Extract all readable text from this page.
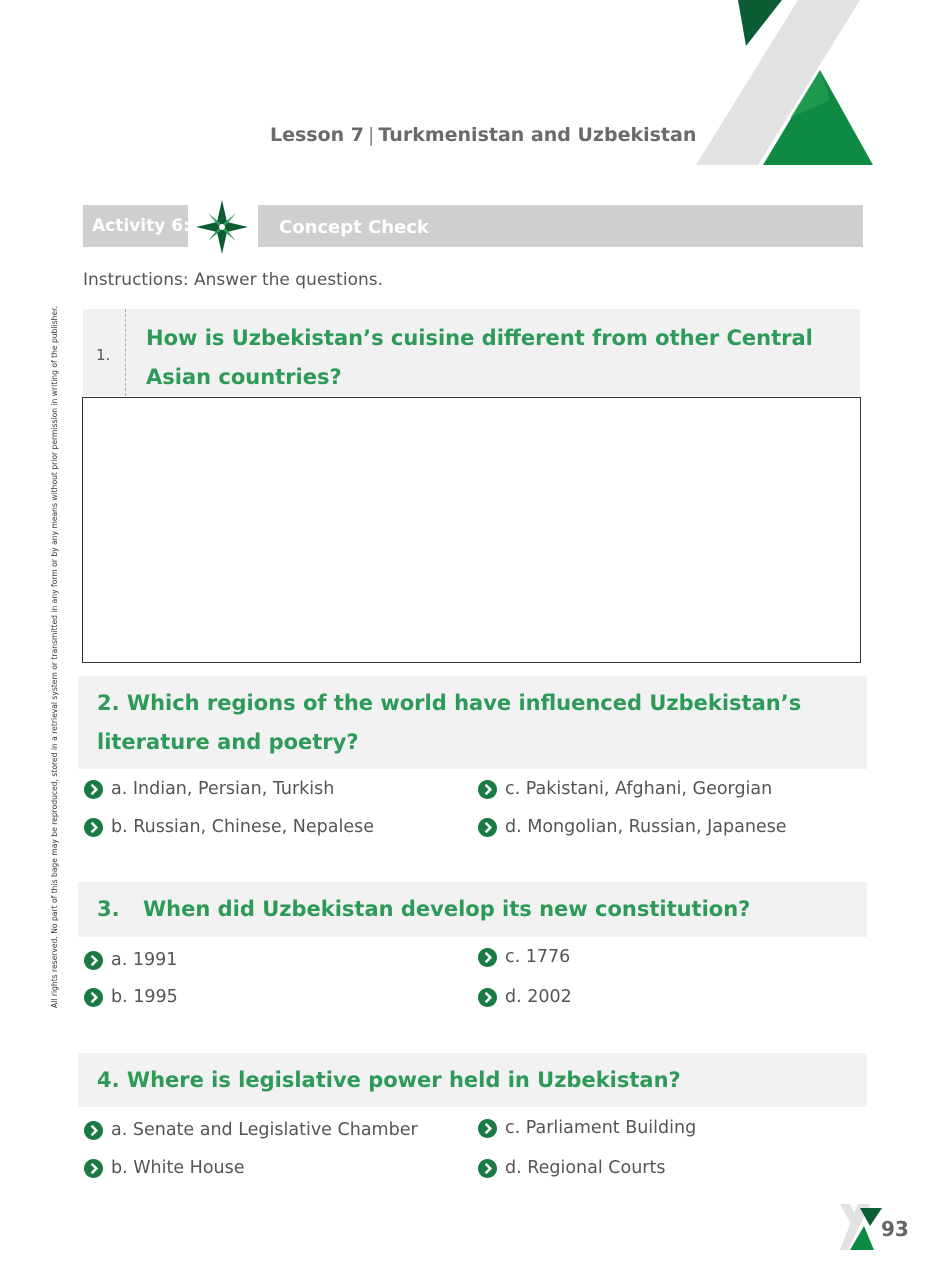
Lesson 7 | Turkmenistan and Uzbekistan
All rights reserved. No part of this bage may be reproduced, stored in a retrieval system or transmitted in any form or by any means without prior permission in writing of the publisher.
Activity 6:	Concept Check
Instructions: Answer the questions.
1.
How is Uzbekistan’s cuisine different from other Central Asian countries?
2. Which regions of the world have influenced Uzbekistan’s literature and poetry?
a. Indian, Persian, Turkish
b. Russian, Chinese, Nepalese
c. Pakistani, Afghani, Georgian
d. Mongolian, Russian, Japanese
3. When did Uzbekistan develop its new constitution?
a. 1991
b. 1995
c. 1776
d. 2002
4. Where is legislative power held in Uzbekistan?
a. Senate and Legislative Chamber
b. White House
c. Parliament Building
d. Regional Courts
93
